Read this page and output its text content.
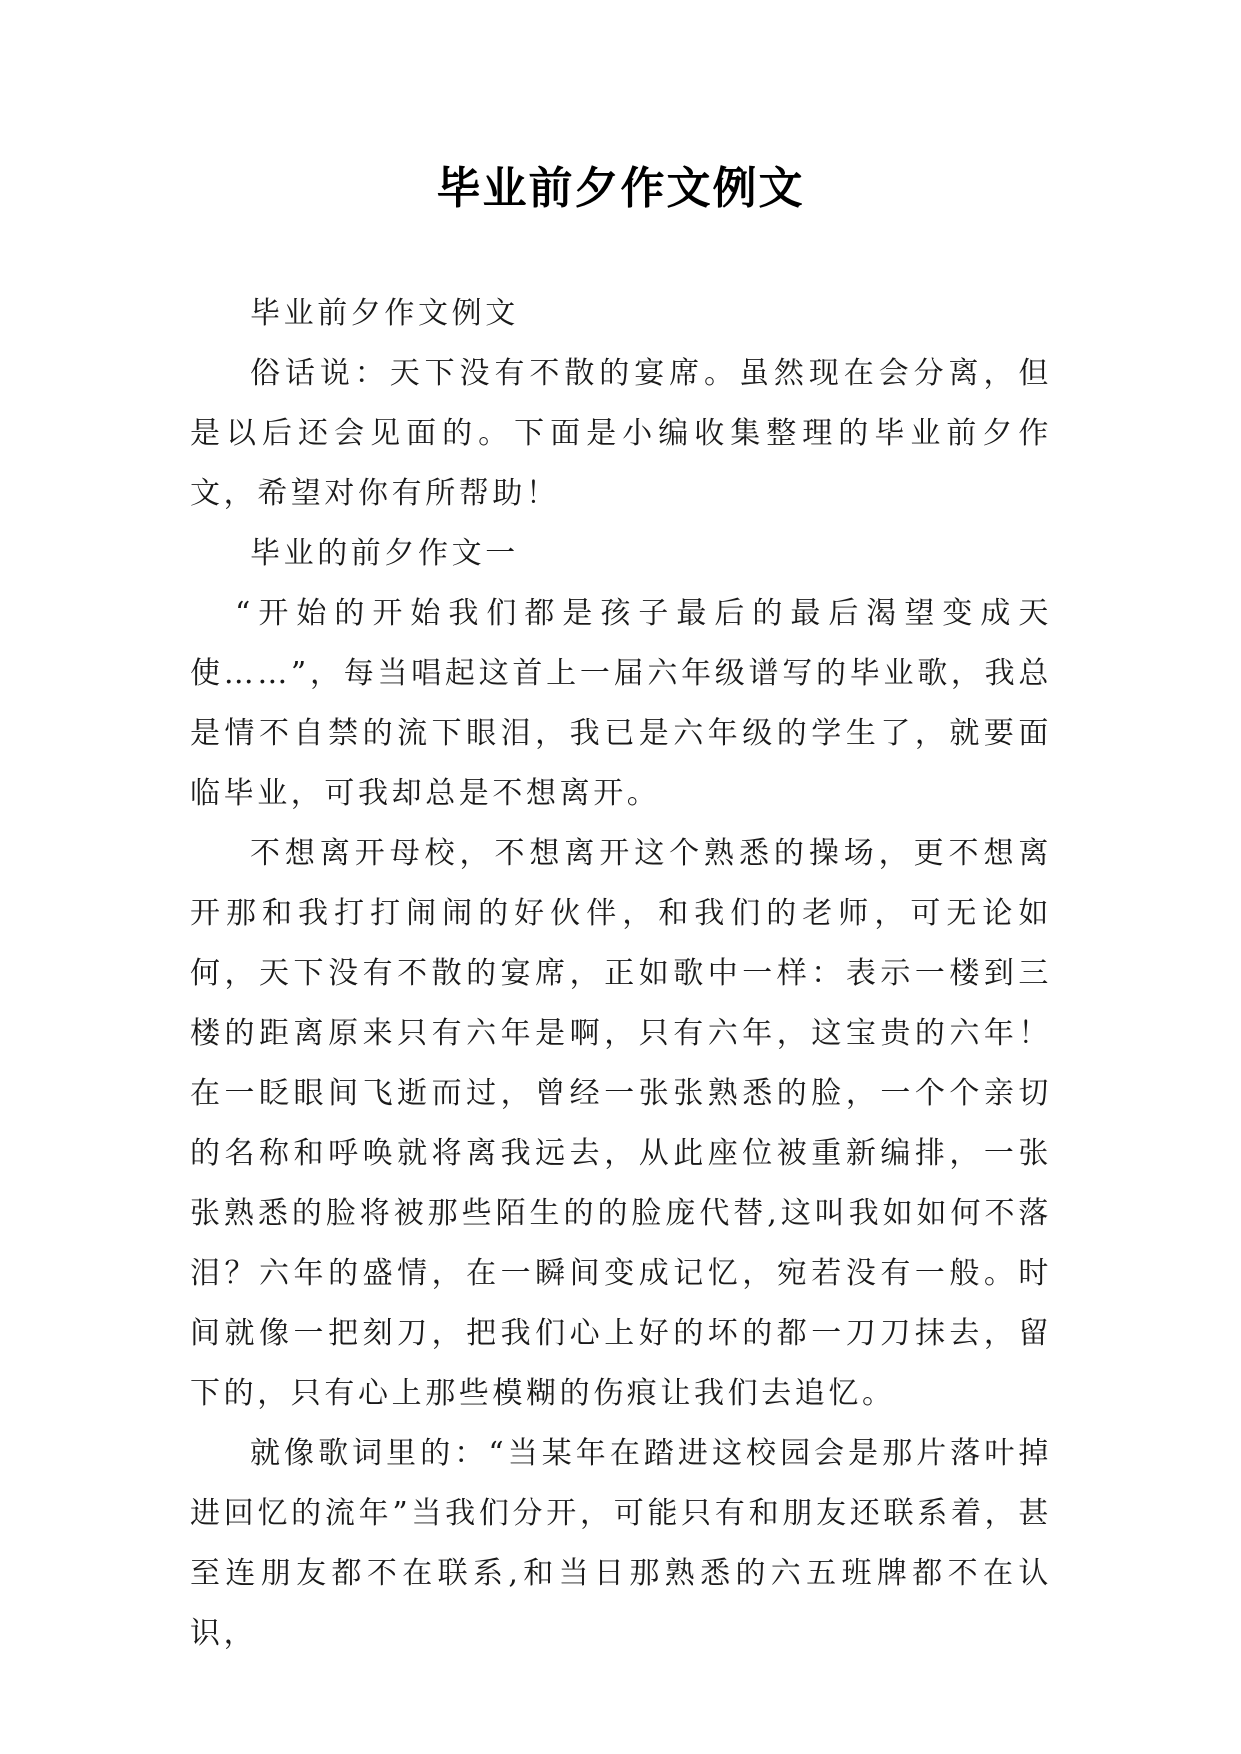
毕业前夕作文例文

毕业前夕作文例文

俗话说：天下没有不散的宴席。虽然现在会分离，但是以后还会见面的。下面是小编收集整理的毕业前夕作文，希望对你有所帮助！

毕业的前夕作文一

“开始的开始我们都是孩子最后的最后渴望变成天使……”，每当唱起这首上一届六年级谱写的毕业歌，我总是情不自禁的流下眼泪，我已是六年级的学生了，就要面临毕业，可我却总是不想离开。

不想离开母校，不想离开这个熟悉的操场，更不想离开那和我打打闹闹的好伙伴，和我们的老师，可无论如何，天下没有不散的宴席，正如歌中一样：表示一楼到三楼的距离原来只有六年是啊，只有六年，这宝贵的六年！在一眨眼间飞逝而过，曾经一张张熟悉的脸，一个个亲切的名称和呼唤就将离我远去，从此座位被重新编排，一张张熟悉的脸将被那些陌生的的脸庞代替,这叫我如如何不落泪？六年的盛情，在一瞬间变成记忆，宛若没有一般。时间就像一把刻刀，把我们心上好的坏的都一刀刀抹去，留下的，只有心上那些模糊的伤痕让我们去追忆。

就像歌词里的：“当某年在踏进这校园会是那片落叶掉进回忆的流年”当我们分开，可能只有和朋友还联系着，甚至连朋友都不在联系,和当日那熟悉的六五班牌都不在认识，
